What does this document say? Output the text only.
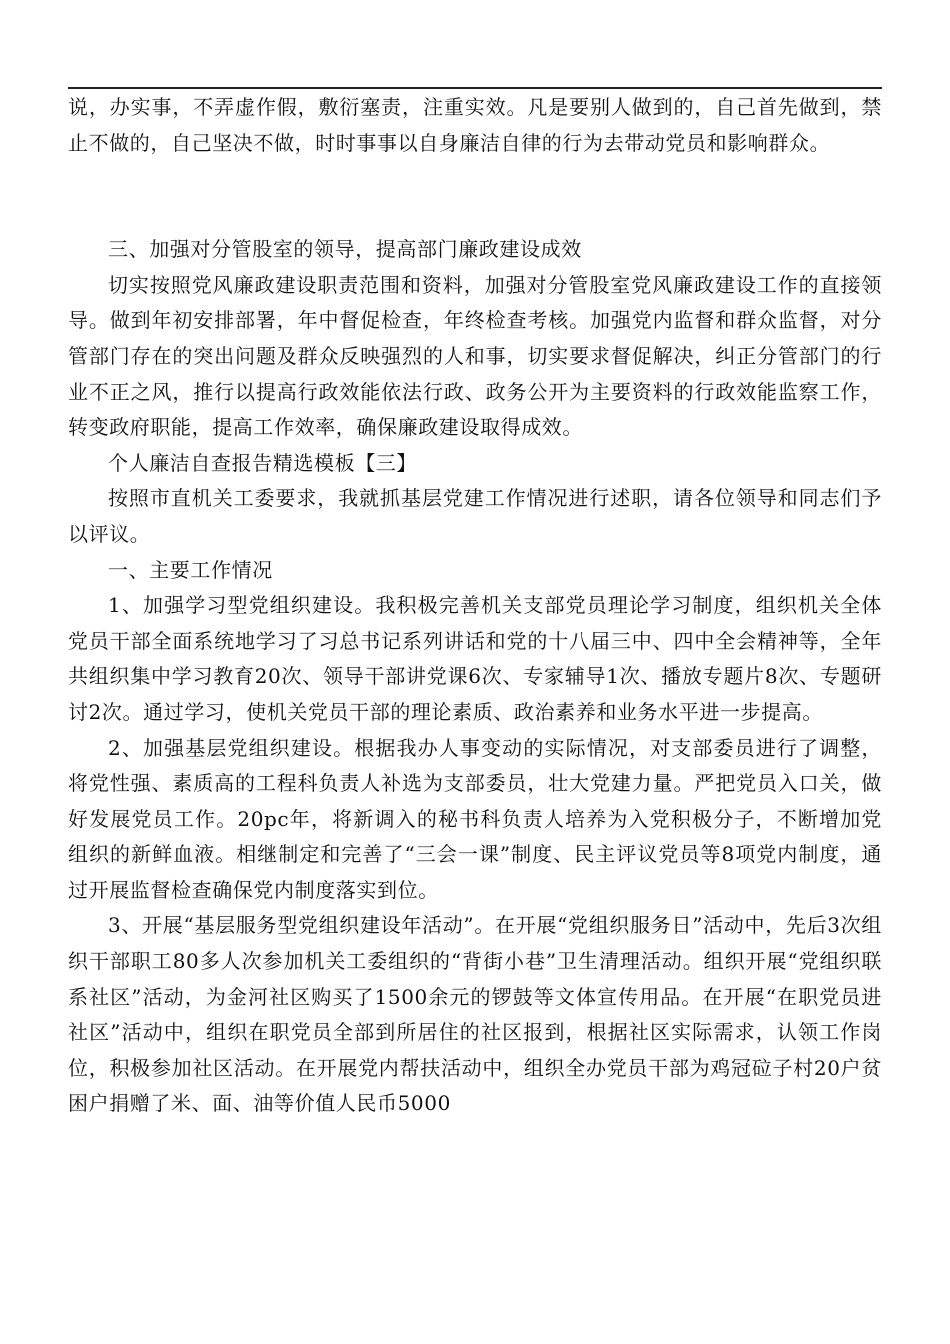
说，办实事，不弄虚作假，敷衍塞责，注重实效。凡是要别人做到的，自己首先做到，禁止不做的，自己坚决不做，时时事事以自身廉洁自律的行为去带动党员和影响群众。

三、加强对分管股室的领导，提高部门廉政建设成效

切实按照党风廉政建设职责范围和资料，加强对分管股室党风廉政建设工作的直接领导。做到年初安排部署，年中督促检查，年终检查考核。加强党内监督和群众监督，对分管部门存在的突出问题及群众反映强烈的人和事，切实要求督促解决，纠正分管部门的行业不正之风，推行以提高行政效能依法行政、政务公开为主要资料的行政效能监察工作，转变政府职能，提高工作效率，确保廉政建设取得成效。

个人廉洁自查报告精选模板【三】

按照市直机关工委要求，我就抓基层党建工作情况进行述职，请各位领导和同志们予以评议。

一、主要工作情况

1、加强学习型党组织建设。我积极完善机关支部党员理论学习制度，组织机关全体党员干部全面系统地学习了习总书记系列讲话和党的十八届三中、四中全会精神等，全年共组织集中学习教育20次、领导干部讲党课6次、专家辅导1次、播放专题片8次、专题研讨2次。通过学习，使机关党员干部的理论素质、政治素养和业务水平进一步提高。

2、加强基层党组织建设。根据我办人事变动的实际情况，对支部委员进行了调整，将党性强、素质高的工程科负责人补选为支部委员，壮大党建力量。严把党员入口关，做好发展党员工作。20pc年，将新调入的秘书科负责人培养为入党积极分子，不断增加党组织的新鲜血液。相继制定和完善了“三会一课”制度、民主评议党员等8项党内制度，通过开展监督检查确保党内制度落实到位。

3、开展“基层服务型党组织建设年活动”。在开展“党组织服务日”活动中，先后3次组织干部职工80多人次参加机关工委组织的“背街小巷”卫生清理活动。组织开展“党组织联系社区”活动，为金河社区购买了1500余元的锣鼓等文体宣传用品。在开展“在职党员进社区”活动中，组织在职党员全部到所居住的社区报到，根据社区实际需求，认领工作岗位，积极参加社区活动。在开展党内帮扶活动中，组织全办党员干部为鸡冠砬子村20户贫困户捐赠了米、面、油等价值人民币5000
